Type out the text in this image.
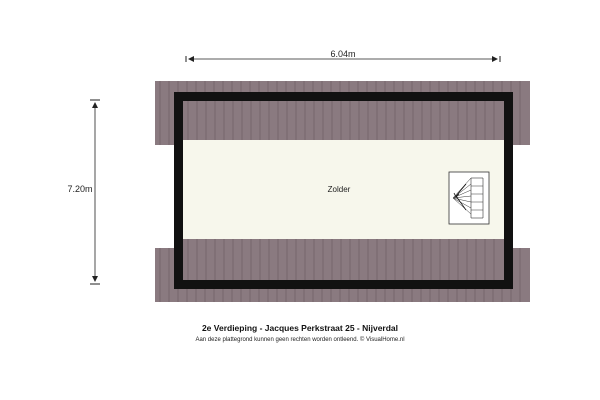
6.04m
7.20m	Zolder
2e Verdieping - Jacques Perkstraat 25 - Nijverdal
Aan deze plattegrond kunnen geen rechten worden ontleend. © VisualHome.nl
